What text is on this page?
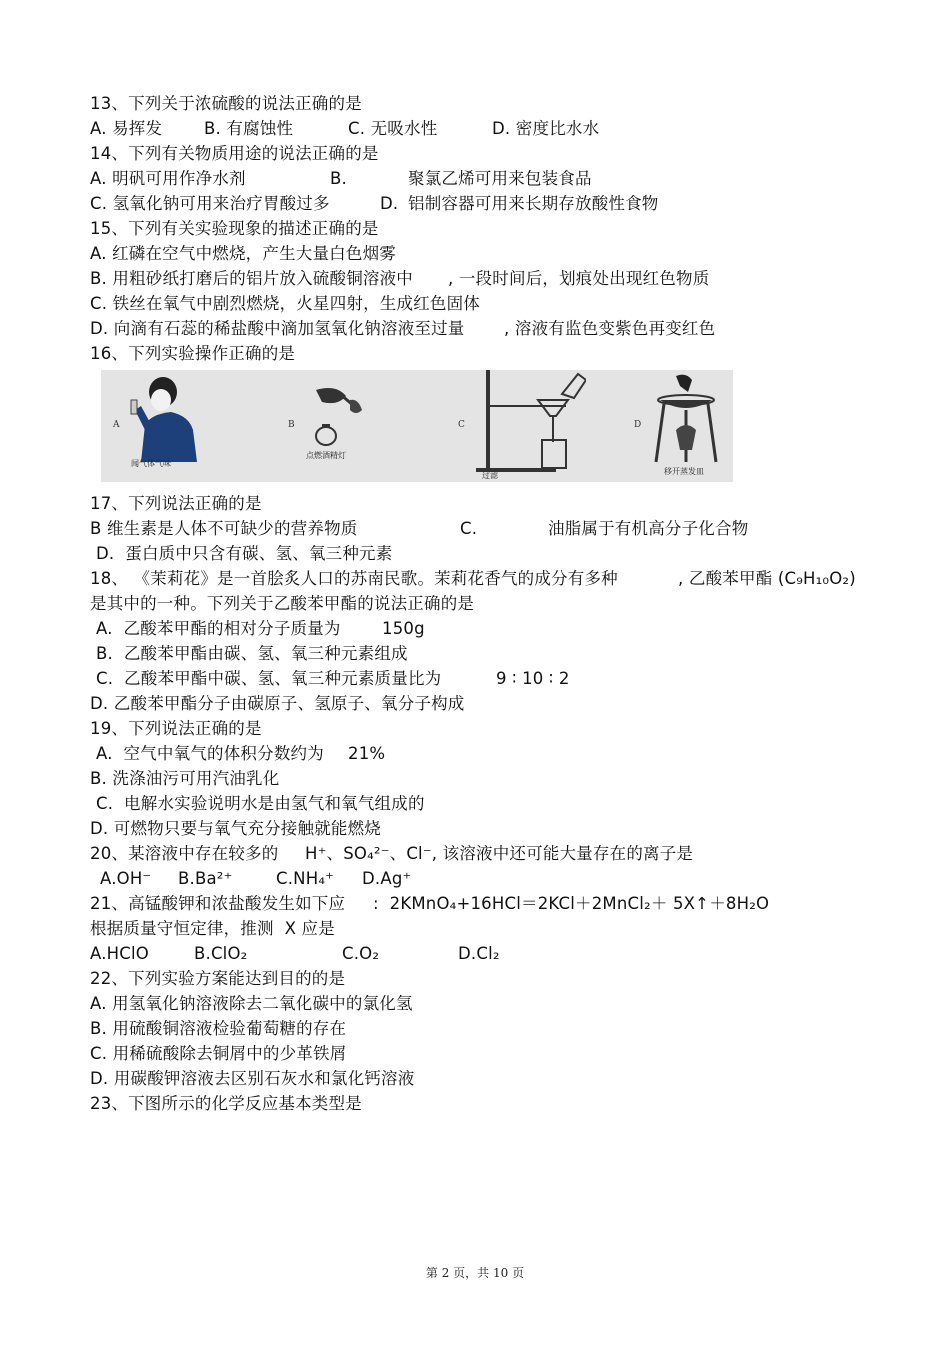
13、下列关于浓硫酸的说法正确的是
A. 易挥发	B. 有腐蚀性	C. 无吸水性	D. 密度比水水
14、下列有关物质用途的说法正确的是
A. 明矾可用作净水剂	B.	聚氯乙烯可用来包装食品
C. 氢氧化钠可用来治疗胃酸过多	D. 铝制容器可用来长期存放酸性食物
15、下列有关实验现象的描述正确的是
A. 红磷在空气中燃烧，产生大量白色烟雾
B. 用粗砂纸打磨后的铝片放入硫酸铜溶液中 , 一段时间后，划痕处出现红色物质
C. 铁丝在氧气中剧烈燃烧，火星四射，生成红色固体
D. 向滴有石蕊的稀盐酸中滴加氢氧化钠溶液至过量 , 溶液有监色变紫色再变红色
16、下列实验操作正确的是
17、下列说法正确的是
B 维生素是人体不可缺少的营养物质	C.	油脂属于有机高分子化合物
D.  蛋白质中只含有碳、氢、氧三种元素
18、 《茉莉花》是一首脍炙人口的苏南民歌。茉莉花香气的成分有多种	, 乙酸苯甲酯 (C₉H₁₀O₂)
是其中的一种。下列关于乙酸苯甲酯的说法正确的是
A.  乙酸苯甲酯的相对分子质量为	150g
B.  乙酸苯甲酯由碳、氢、氧三种元素组成
C.  乙酸苯甲酯中碳、氢、氧三种元素质量比为	9 ∶ 10 ∶ 2
D. 乙酸苯甲酯分子由碳原子、氢原子、氧分子构成
19、下列说法正确的是
A.  空气中氧气的体积分数约为 21%
B. 洗涤油污可用汽油乳化
C.  电解水实验说明水是由氢气和氧气组成的
D. 可燃物只要与氧气充分接触就能燃烧
20、某溶液中存在较多的 H⁺、SO₄²⁻、Cl⁻, 该溶液中还可能大量存在的离子是
A.OH⁻ B.Ba²⁺	C.NH₄⁺ D.Ag⁺
21、高锰酸钾和浓盐酸发生如下应 :  2KMnO₄+16HCl＝2KCl＋2MnCl₂＋ 5X↑＋8H₂O
根据质量守恒定律，推测  X 应是
A.HClO	B.ClO₂	C.O₂	D.Cl₂
22、下列实验方案能达到目的的是
A. 用氢氧化钠溶液除去二氧化碳中的氯化氢
B. 用硫酸铜溶液检验葡萄糖的存在
C. 用稀硫酸除去铜屑中的少革铁屑
D. 用碳酸钾溶液去区别石灰水和氯化钙溶液
23、下图所示的化学反应基本类型是
A
闻气体气味
B
点燃酒精灯
C
过滤
D
移开蒸发皿
第 2 页，共 10 页
